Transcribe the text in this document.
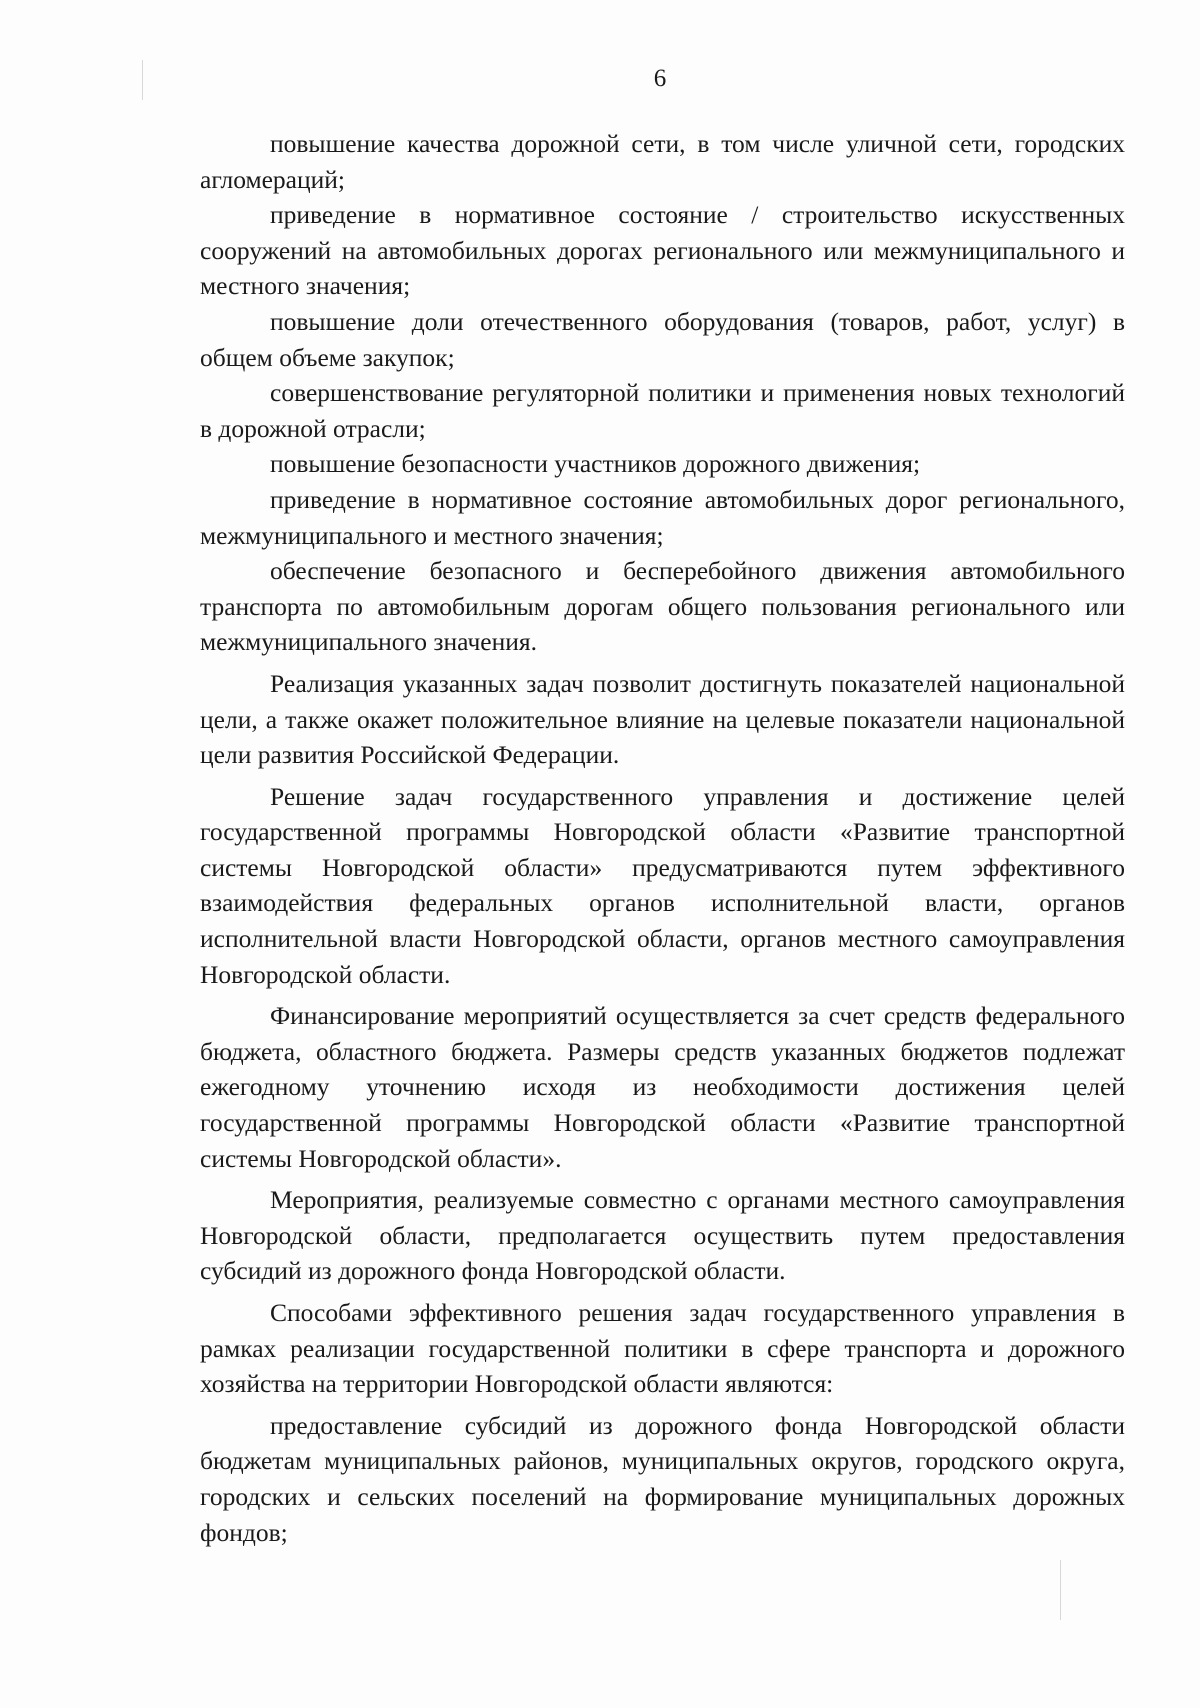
6

повышение качества дорожной сети, в том числе уличной сети, городских агломераций;

приведение в нормативное состояние / строительство искусственных сооружений на автомобильных дорогах регионального или межмуниципального и местного значения;

повышение доли отечественного оборудования (товаров, работ, услуг) в общем объеме закупок;

совершенствование регуляторной политики и применения новых технологий в дорожной отрасли;

повышение безопасности участников дорожного движения;

приведение в нормативное состояние автомобильных дорог регионального, межмуниципального и местного значения;

обеспечение безопасного и бесперебойного движения автомобильного транспорта по автомобильным дорогам общего пользования регионального или межмуниципального значения.

Реализация указанных задач позволит достигнуть показателей национальной цели, а также окажет положительное влияние на целевые показатели национальной цели развития Российской Федерации.

Решение задач государственного управления и достижение целей государственной программы Новгородской области «Развитие транспортной системы Новгородской области» предусматриваются путем эффективного взаимодействия федеральных органов исполнительной власти, органов исполнительной власти Новгородской области, органов местного самоуправления Новгородской области.

Финансирование мероприятий осуществляется за счет средств федерального бюджета, областного бюджета. Размеры средств указанных бюджетов подлежат ежегодному уточнению исходя из необходимости достижения целей государственной программы Новгородской области «Развитие транспортной системы Новгородской области».

Мероприятия, реализуемые совместно с органами местного самоуправления Новгородской области, предполагается осуществить путем предоставления субсидий из дорожного фонда Новгородской области.

Способами эффективного решения задач государственного управления в рамках реализации государственной политики в сфере транспорта и дорожного хозяйства на территории Новгородской области являются:

предоставление субсидий из дорожного фонда Новгородской области бюджетам муниципальных районов, муниципальных округов, городского округа, городских и сельских поселений на формирование муниципальных дорожных фондов;
